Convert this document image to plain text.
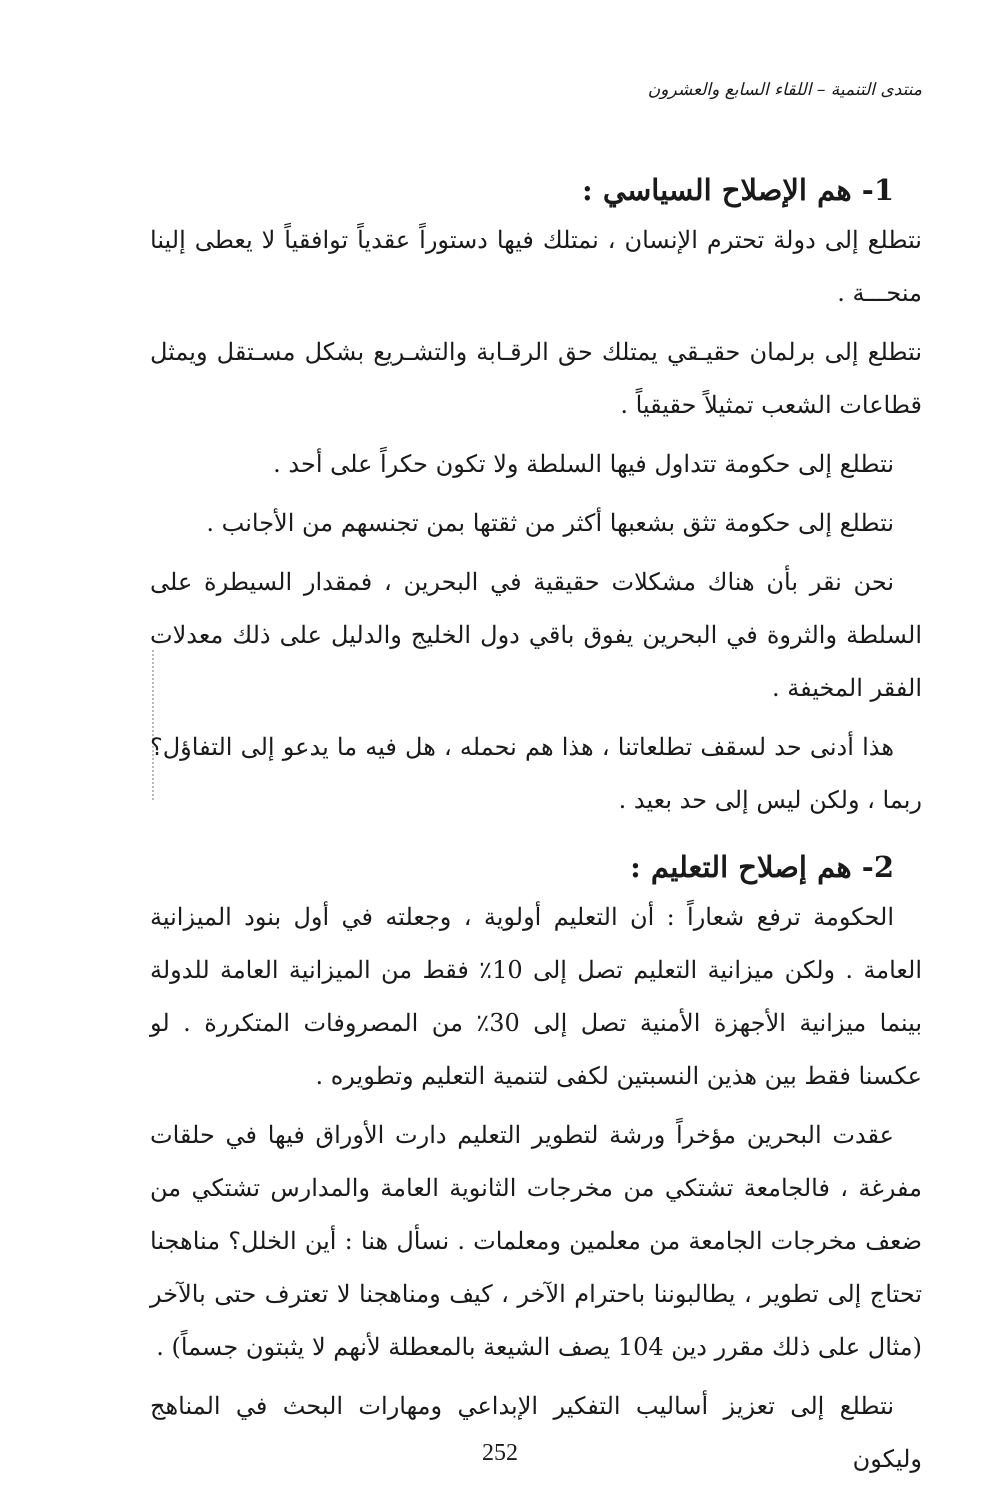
منتدى التنمية – اللقاء السابع والعشرون
1- هم الإصلاح السياسي :

نتطلع إلى دولة تحترم الإنسان ، نمتلك فيها دستوراً عقدياً توافقياً لا يعطى إلينا منحـــة .

نتطلع إلى برلمان حقيـقي يمتلك حق الرقـابة والتشـريع بشكل مسـتقل ويمثل قطاعات الشعب تمثيلاً حقيقياً .

نتطلع إلى حكومة تتداول فيها السلطة ولا تكون حكراً على أحد .

نتطلع إلى حكومة تثق بشعبها أكثر من ثقتها بمن تجنسهم من الأجانب .

نحن نقر بأن هناك مشكلات حقيقية في البحرين ، فمقدار السيطرة على السلطة والثروة في البحرين يفوق باقي دول الخليج والدليل على ذلك معدلات الفقر المخيفة .

هذا أدنى حد لسقف تطلعاتنا ، هذا هم نحمله ، هل فيه ما يدعو إلى التفاؤل؟ ربما ، ولكن ليس إلى حد بعيد .

2- هم إصلاح التعليم :

الحكومة ترفع شعاراً : أن التعليم أولوية ، وجعلته في أول بنود الميزانية العامة . ولكن ميزانية التعليم تصل إلى 10٪ فقط من الميزانية العامة للدولة بينما ميزانية الأجهزة الأمنية تصل إلى 30٪ من المصروفات المتكررة . لو عكسنا فقط بين هذين النسبتين لكفى لتنمية التعليم وتطويره .

عقدت البحرين مؤخراً ورشة لتطوير التعليم دارت الأوراق فيها في حلقات مفرغة ، فالجامعة تشتكي من مخرجات الثانوية العامة والمدارس تشتكي من ضعف مخرجات الجامعة من معلمين ومعلمات . نسأل هنا : أين الخلل؟ مناهجنا تحتاج إلى تطوير ، يطالبوننا باحترام الآخر ، كيف ومناهجنا لا تعترف حتى بالآخر (مثال على ذلك مقرر دين 104 يصف الشيعة بالمعطلة لأنهم لا يثبتون جسماً) .

نتطلع إلى تعزيز أساليب التفكير الإبداعي ومهارات البحث في المناهج وليكون

252
